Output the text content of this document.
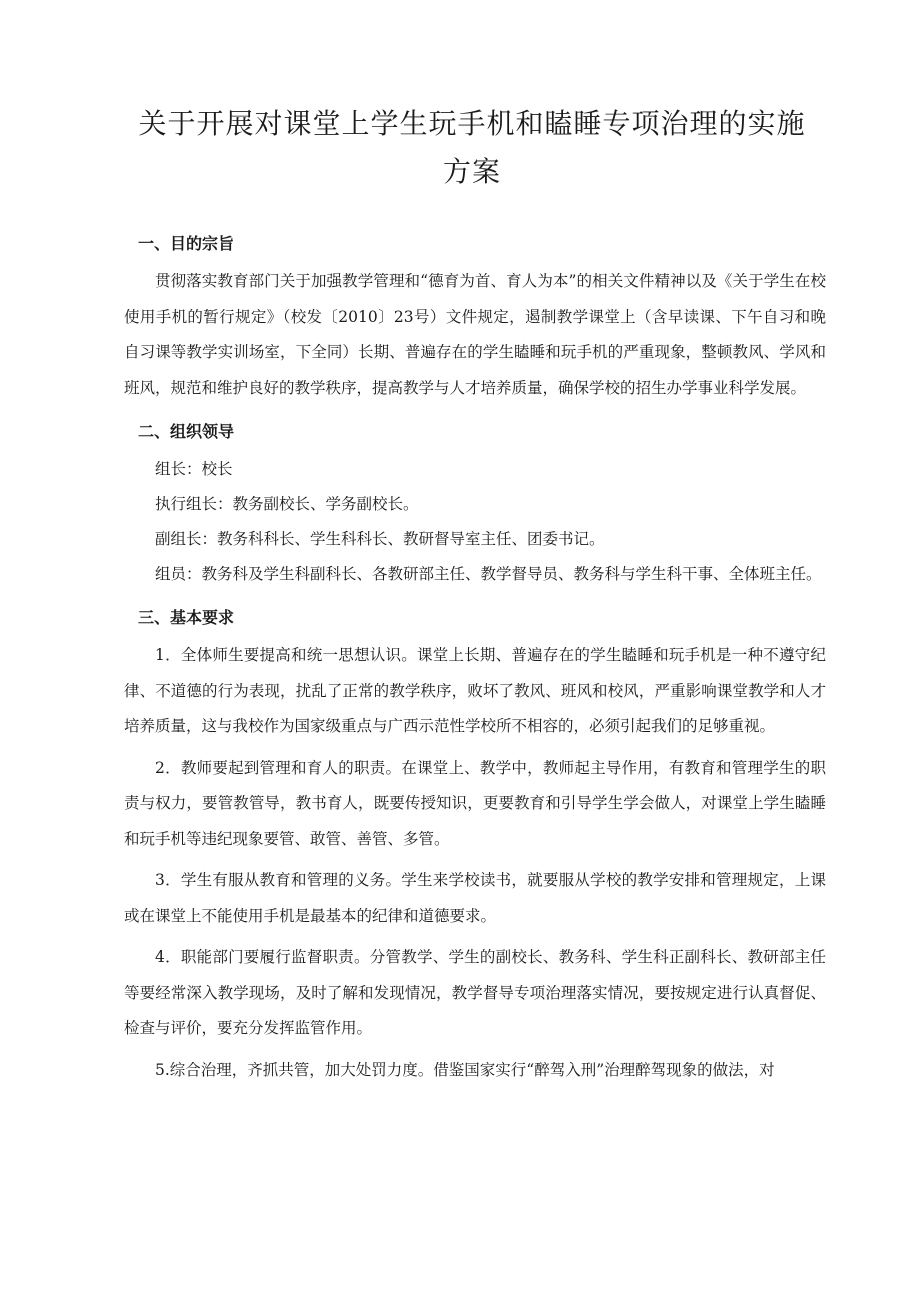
关于开展对课堂上学生玩手机和瞌睡专项治理的实施
方案
一、目的宗旨

贯彻落实教育部门关于加强教学管理和“德育为首、育人为本”的相关文件精神以及《关于学生在校使用手机的暂行规定》（校发〔2010〕23号）文件规定，遏制教学课堂上（含早读课、下午自习和晚自习课等教学实训场室，下全同）长期、普遍存在的学生瞌睡和玩手机的严重现象，整顿教风、学风和班风，规范和维护良好的教学秩序，提高教学与人才培养质量，确保学校的招生办学事业科学发展。

二、组织领导

组长：校长

执行组长：教务副校长、学务副校长。

副组长：教务科科长、学生科科长、教研督导室主任、团委书记。

组员：教务科及学生科副科长、各教研部主任、教学督导员、教务科与学生科干事、全体班主任。

三、基本要求

1．全体师生要提高和统一思想认识。课堂上长期、普遍存在的学生瞌睡和玩手机是一种不遵守纪律、不道德的行为表现，扰乱了正常的教学秩序，败坏了教风、班风和校风，严重影响课堂教学和人才培养质量，这与我校作为国家级重点与广西示范性学校所不相容的，必须引起我们的足够重视。

2．教师要起到管理和育人的职责。在课堂上、教学中，教师起主导作用，有教育和管理学生的职责与权力，要管教管导，教书育人，既要传授知识，更要教育和引导学生学会做人，对课堂上学生瞌睡和玩手机等违纪现象要管、敢管、善管、多管。

3．学生有服从教育和管理的义务。学生来学校读书，就要服从学校的教学安排和管理规定，上课或在课堂上不能使用手机是最基本的纪律和道德要求。

4．职能部门要履行监督职责。分管教学、学生的副校长、教务科、学生科正副科长、教研部主任等要经常深入教学现场，及时了解和发现情况，教学督导专项治理落实情况，要按规定进行认真督促、检查与评价，要充分发挥监管作用。

5.综合治理，齐抓共管，加大处罚力度。借鉴国家实行“醉驾入刑”治理醉驾现象的做法，对
